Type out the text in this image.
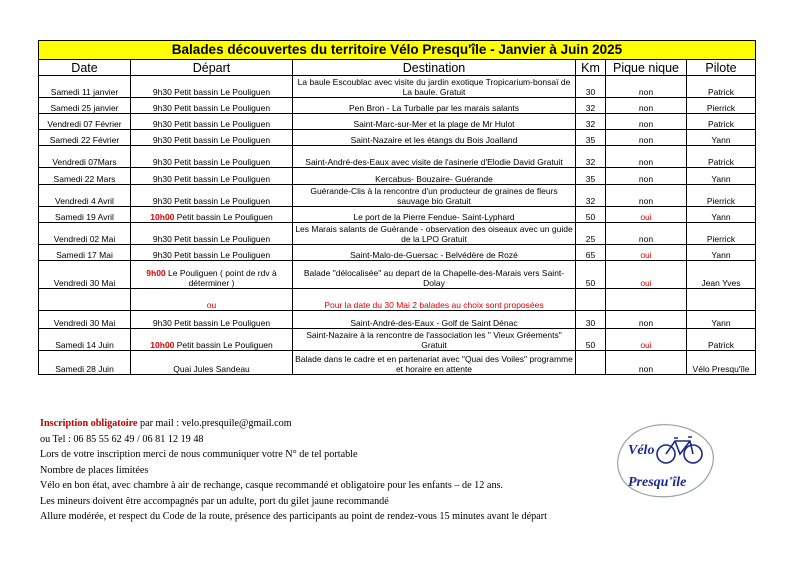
Balades découvertes du territoire Vélo Presqu'île - Janvier à Juin 2025					
Date	Départ	Destination	Km	Pique nique	Pilote
Samedi 11 janvier	9h30 Petit bassin Le Pouliguen	La baule Escoublac avec visite du jardin exotique Tropicarium-bonsaï de La baule. Gratuit	30	non	Patrick
Samedi 25 janvier	9h30 Petit bassin Le Pouliguen	Pen Bron - La Turballe par les marais salants	32	non	Pierrick
Vendredi 07 Février	9h30 Petit bassin Le Pouliguen	Saint-Marc-sur-Mer et la plage de Mr Hulot	32	non	Patrick
Samedi 22 Février	9h30 Petit bassin Le Pouliguen	Saint-Nazaire et les étangs du Bois Joalland	35	non	Yann
Vendredi 07Mars	9h30 Petit bassin Le Pouliguen	Saint-André-des-Eaux avec visite de l'asinerie d'Elodie David Gratuit	32	non	Patrick
Samedi 22 Mars	9h30 Petit bassin Le Pouliguen	Kercabus- Bouzaire- Guérande	35	non	Yann
Vendredi 4 Avril	9h30 Petit bassin Le Pouliguen	Guérande-Clis à la rencontre d'un producteur de graines de fleurs sauvage bio Gratuit	32	non	Pierrick
Samedi 19 Avril	10h00 Petit bassin Le Pouliguen	Le port de la Pierre Fendue- Saint-Lyphard	50	oui	Yann
Vendredi 02 Mai	9h30 Petit bassin Le Pouliguen	Les Marais salants de Guérande - observation des oiseaux avec un guide de la LPO Gratuit	25	non	Pierrick
Samedi 17 Mai	9h30 Petit bassin Le Pouliguen	Saint-Malo-de-Guersac - Belvédère de Rozé	65	oui	Yann
Vendredi 30 Mai	9h00 Le Pouliguen ( point de rdv à déterminer )	Balade "délocalisée" au depart de la Chapelle-des-Marais vers Saint-Dolay	50	oui	Jean Yves
	ou	Pour la date du 30 Mai 2 balades au choix sont proposées			
Vendredi 30 Mai	9h30 Petit bassin Le Pouliguen	Saint-André-des-Eaux - Golf de Saint Dénac	30	non	Yann
Samedi 14 Juin	10h00 Petit bassin Le Pouliguen	Saint-Nazaire à la rencontre de l'association les " Vieux Gréements" Gratuit	50	oui	Patrick
Samedi 28 Juin	Quai Jules Sandeau	Balade dans le cadre et en partenariat avec "Quai des Voiles" programme et horaire en attente		non	Vélo Presqu'île

Inscription obligatoire par mail : velo.presquile@gmail.com

ou Tel : 06 85 55 62 49 / 06 81 12 19 48

Lors de votre inscription merci de nous communiquer votre N° de tel portable

Nombre de places limitées

Vélo en bon état, avec chambre à air de rechange, casque recommandé et obligatoire pour les enfants – de 12 ans.

Les mineurs doivent être accompagnés par un adulte, port du gilet jaune recommandé

Allure modérée, et respect du Code de la route, présence des participants au point de rendez-vous 15 minutes avant le départ

Vélo
Presqu'île
